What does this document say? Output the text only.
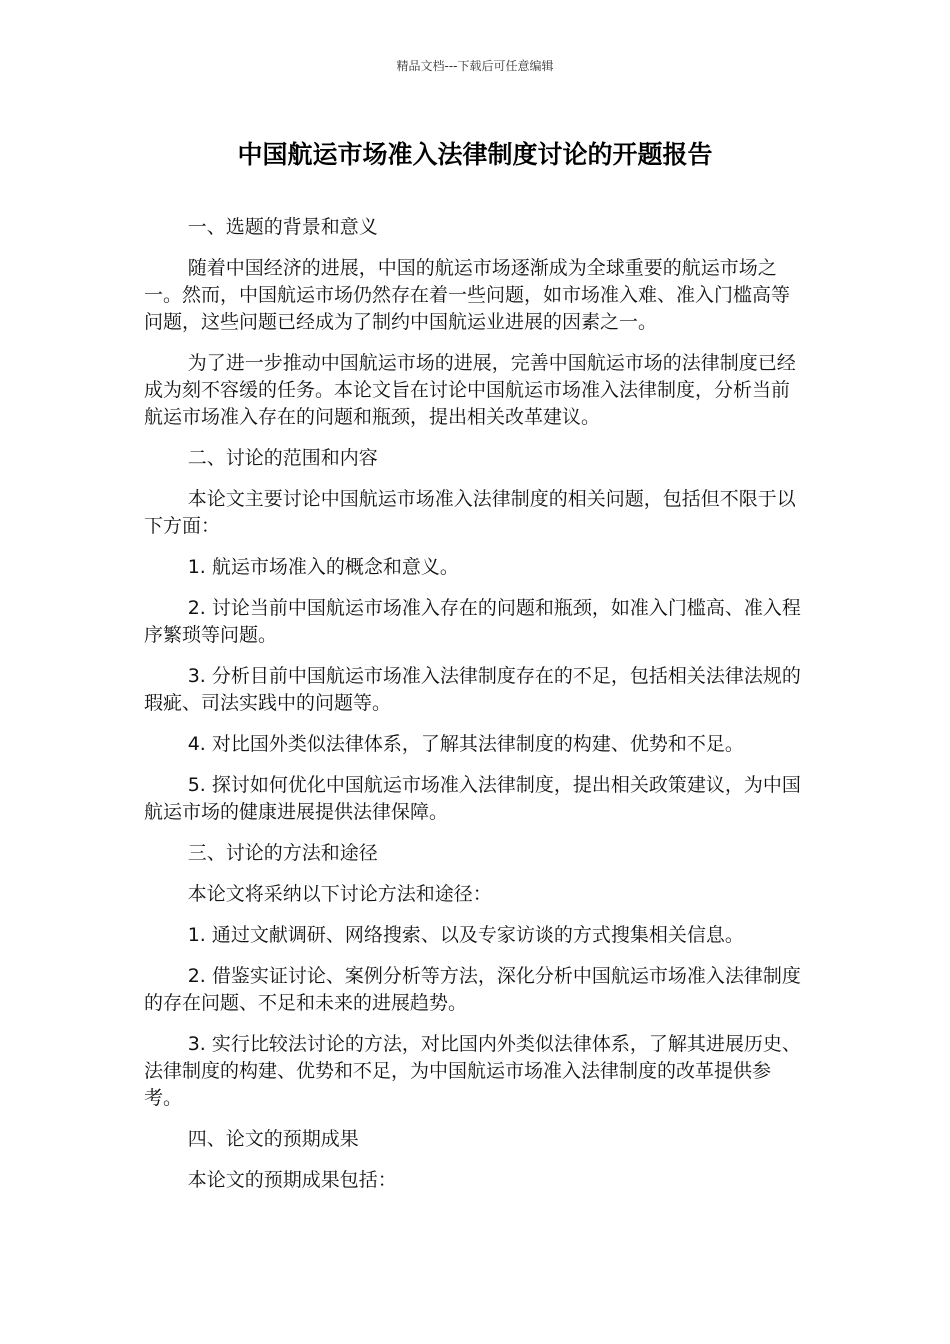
精品文档---下载后可任意编辑
中国航运市场准入法律制度讨论的开题报告
一、选题的背景和意义

随着中国经济的进展，中国的航运市场逐渐成为全球重要的航运市场之一。然而，中国航运市场仍然存在着一些问题，如市场准入难、准入门槛高等问题，这些问题已经成为了制约中国航运业进展的因素之一。

为了进一步推动中国航运市场的进展，完善中国航运市场的法律制度已经成为刻不容缓的任务。本论文旨在讨论中国航运市场准入法律制度，分析当前航运市场准入存在的问题和瓶颈，提出相关改革建议。

二、讨论的范围和内容

本论文主要讨论中国航运市场准入法律制度的相关问题，包括但不限于以下方面：

1. 航运市场准入的概念和意义。

2. 讨论当前中国航运市场准入存在的问题和瓶颈，如准入门槛高、准入程序繁琐等问题。

3. 分析目前中国航运市场准入法律制度存在的不足，包括相关法律法规的瑕疵、司法实践中的问题等。

4. 对比国外类似法律体系，了解其法律制度的构建、优势和不足。

5. 探讨如何优化中国航运市场准入法律制度，提出相关政策建议，为中国航运市场的健康进展提供法律保障。

三、讨论的方法和途径

本论文将采纳以下讨论方法和途径：

1. 通过文献调研、网络搜索、以及专家访谈的方式搜集相关信息。

2. 借鉴实证讨论、案例分析等方法，深化分析中国航运市场准入法律制度的存在问题、不足和未来的进展趋势。

3. 实行比较法讨论的方法，对比国内外类似法律体系，了解其进展历史、法律制度的构建、优势和不足，为中国航运市场准入法律制度的改革提供参考。

四、论文的预期成果

本论文的预期成果包括：
